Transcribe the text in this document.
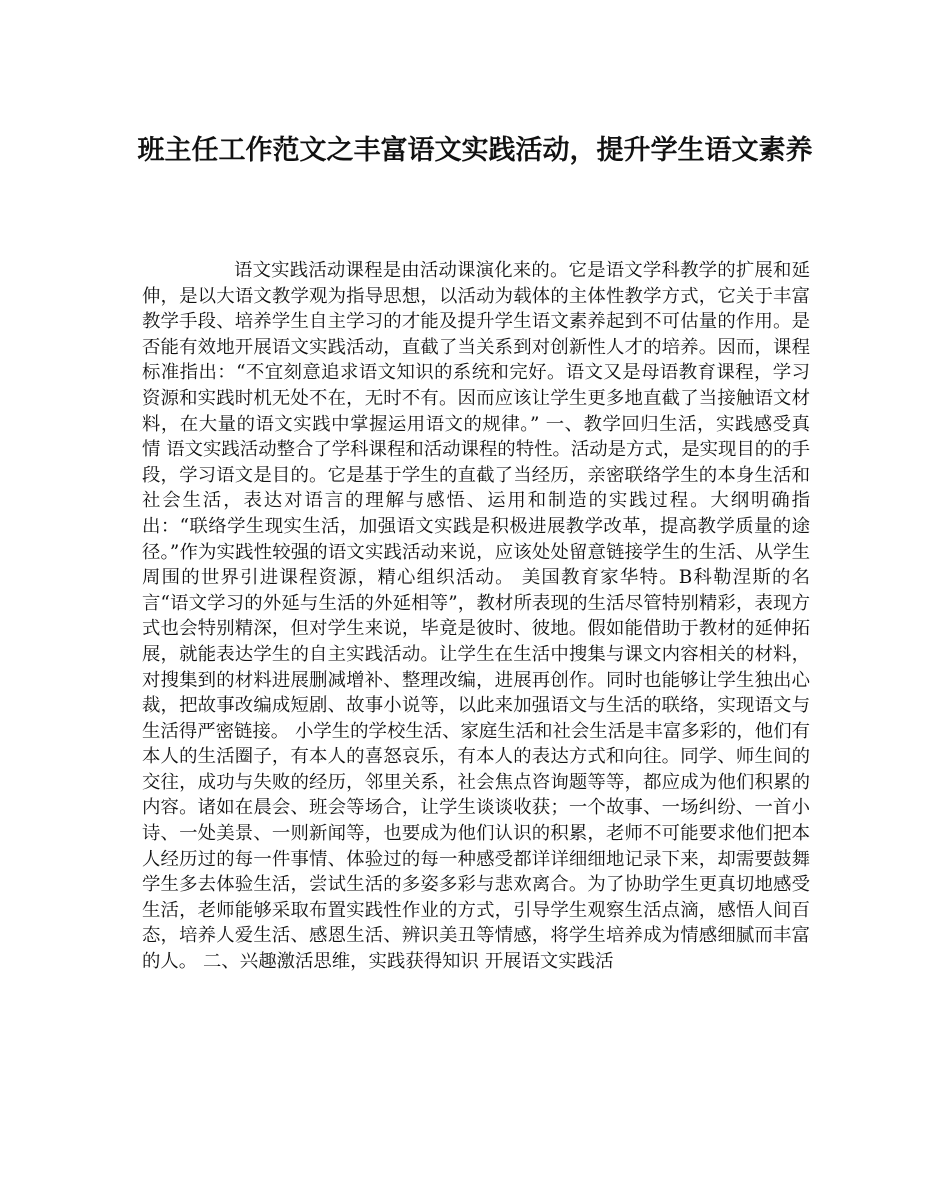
班主任工作范文之丰富语文实践活动，提升学生语文素养

语文实践活动课程是由活动课演化来的。它是语文学科教学的扩展和延伸，是以大语文教学观为指导思想，以活动为载体的主体性教学方式，它关于丰富教学手段、培养学生自主学习的才能及提升学生语文素养起到不可估量的作用。是否能有效地开展语文实践活动，直截了当关系到对创新性人才的培养。因而，课程标准指出：“不宜刻意追求语文知识的系统和完好。语文又是母语教育课程，学习资源和实践时机无处不在，无时不有。因而应该让学生更多地直截了当接触语文材料，在大量的语文实践中掌握运用语文的规律。” 一、教学回归生活，实践感受真情 语文实践活动整合了学科课程和活动课程的特性。活动是方式，是实现目的的手段，学习语文是目的。它是基于学生的直截了当经历，亲密联络学生的本身生活和社会生活，表达对语言的理解与感悟、运用和制造的实践过程。大纲明确指出：“联络学生现实生活，加强语文实践是积极进展教学改革，提高教学质量的途径。”作为实践性较强的语文实践活动来说，应该处处留意链接学生的生活、从学生周围的世界引进课程资源，精心组织活动。 美国教育家华特。B科勒涅斯的名言“语文学习的外延与生活的外延相等”，教材所表现的生活尽管特别精彩，表现方式也会特别精深，但对学生来说，毕竟是彼时、彼地。假如能借助于教材的延伸拓展，就能表达学生的自主实践活动。让学生在生活中搜集与课文内容相关的材料，对搜集到的材料进展删减增补、整理改编，进展再创作。同时也能够让学生独出心裁，把故事改编成短剧、故事小说等，以此来加强语文与生活的联络，实现语文与生活得严密链接。 小学生的学校生活、家庭生活和社会生活是丰富多彩的，他们有本人的生活圈子，有本人的喜怒哀乐，有本人的表达方式和向往。同学、师生间的交往，成功与失败的经历，邻里关系，社会焦点咨询题等等，都应成为他们积累的内容。诸如在晨会、班会等场合，让学生谈谈收获；一个故事、一场纠纷、一首小诗、一处美景、一则新闻等，也要成为他们认识的积累，老师不可能要求他们把本人经历过的每一件事情、体验过的每一种感受都详详细细地记录下来，却需要鼓舞学生多去体验生活，尝试生活的多姿多彩与悲欢离合。为了协助学生更真切地感受生活，老师能够采取布置实践性作业的方式，引导学生观察生活点滴，感悟人间百态，培养人爱生活、感恩生活、辨识美丑等情感，将学生培养成为情感细腻而丰富的人。 二、兴趣激活思维，实践获得知识 开展语文实践活
